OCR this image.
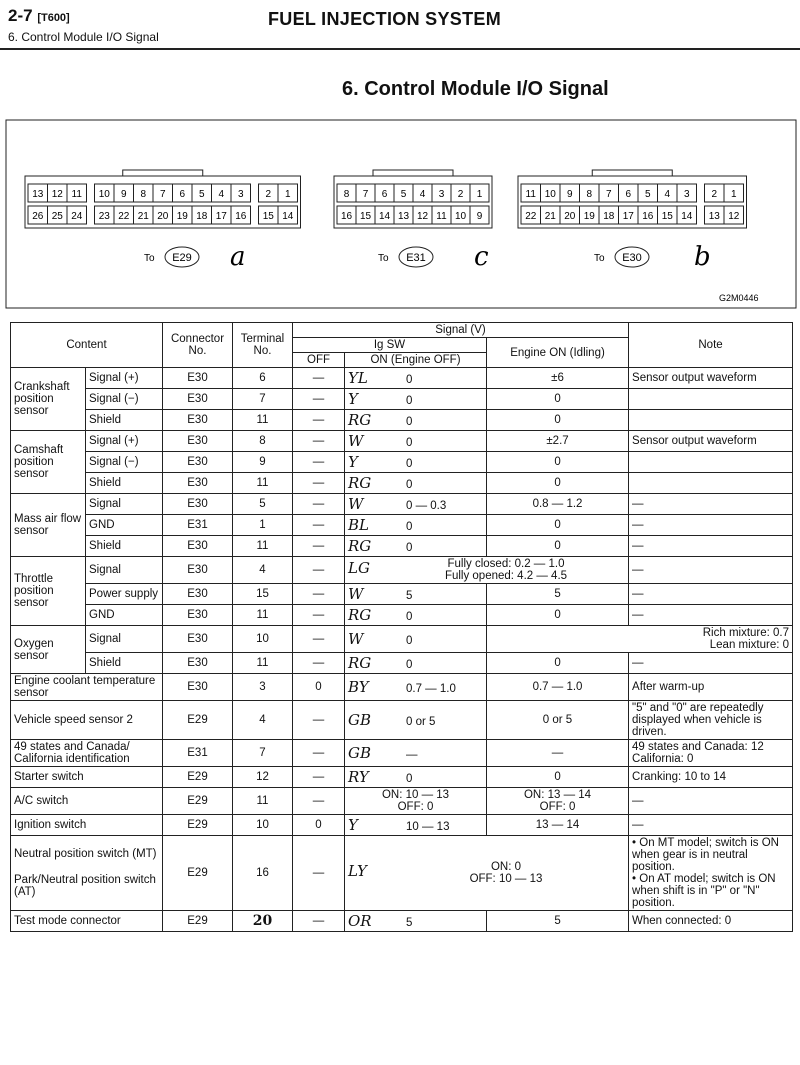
2-7 [T600]
6. Control Module I/O Signal
FUEL INJECTION SYSTEM
6. Control Module I/O Signal
13 12 11 10 9 8 7 6 5 4 3 2 1
26 25 24 23 22 21 20 19 18 17 16 15 14
To E29 a
8 7 6 5 4 3 2 1
16 15 14 13 12 11 10 9
To E31 c
11 10 9 8 7 6 5 4 3 2 1
22 21 20 19 18 17 16 15 14 13 12
To E30 b
G2M0446
Content		Connector No.	Terminal No.	Signal (V)			Note
				Ig SW		Engine ON (Idling)	
				OFF	ON (Engine OFF)		
Crankshaft position sensor	Signal (+)	E30	6	—	YL 0	±6	Sensor output waveform
	Signal (−)	E30	7	—	Y 0	0	
	Shield	E30	11	—	RG 0	0	
Camshaft position sensor	Signal (+)	E30	8	—	W 0	±2.7	Sensor output waveform
	Signal (−)	E30	9	—	Y 0	0	
	Shield	E30	11	—	RG 0	0	
Mass air flow sensor	Signal	E30	5	—	W 0 — 0.3	0.8 — 1.2	—
	GND	E31	1	—	BL 0	0	—
	Shield	E30	11	—	RG 0	0	—
Throttle position sensor	Signal	E30	4	—	LG Fully closed: 0.2 — 1.0
Fully opened: 4.2 — 4.5		—
	Power supply	E30	15	—	W 5	5	—
	GND	E30	11	—	RG 0	0	—
Oxygen sensor	Signal	E30	10	—	W 0	Rich mixture: 0.7
Lean mixture: 0	
	Shield	E30	11	—	RG 0	0	—
Engine coolant temperature sensor		E30	3	0	BY 0.7 — 1.0	0.7 — 1.0	After warm-up
Vehicle speed sensor 2		E29	4	—	GB 0 or 5	0 or 5	"5" and "0" are repeatedly displayed when vehicle is driven.
49 states and Canada/ California identification		E31	7	—	GB —	—	49 states and Canada: 12
California: 0
Starter switch		E29	12	—	RY 0	0	Cranking: 10 to 14
A/C switch		E29	11	—	ON: 10 — 13
OFF: 0	ON: 13 — 14
OFF: 0	—
Ignition switch		E29	10	0	Y 10 — 13	13 — 14	—
Neutral position switch (MT)
Park/Neutral position switch (AT)		E29	16	—	LY ON: 0
OFF: 10 — 13		• On MT model; switch is ON when gear is in neutral position.
• On AT model; switch is ON when shift is in "P" or "N" position.
Test mode connector		E29	20	—	OR 5	5	When connected: 0
